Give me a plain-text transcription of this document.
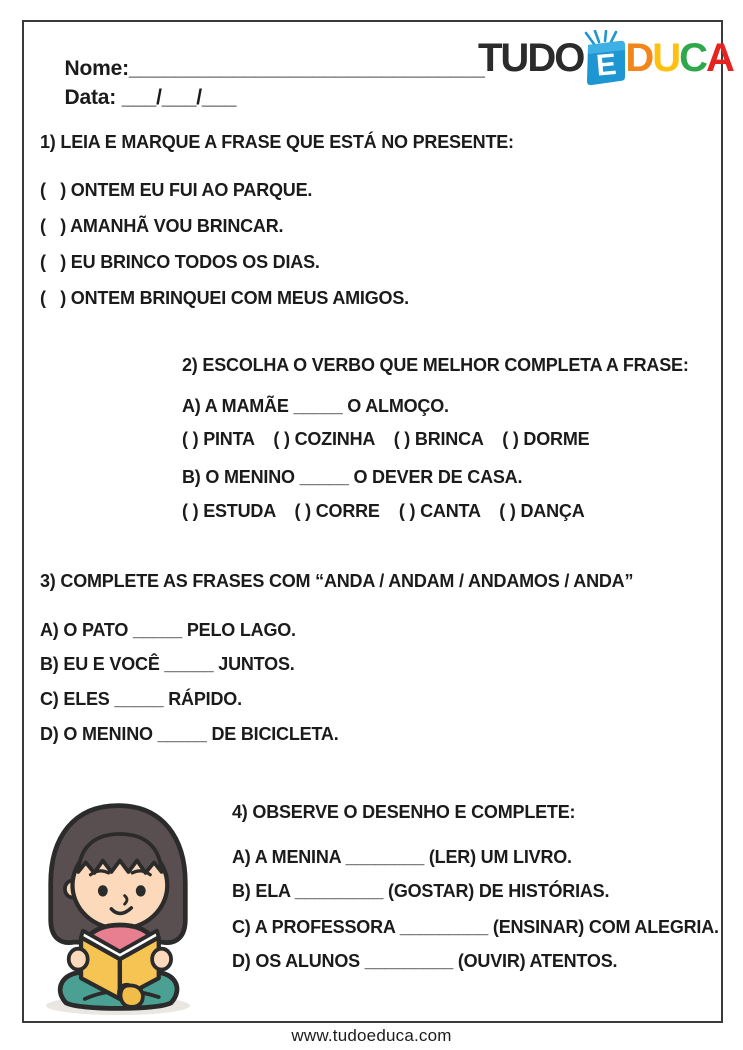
Nome:_______________________________

Data: ___/___/___

TUDO E DUCA
1) LEIA E MARQUE A FRASE QUE ESTÁ NO PRESENTE:
(   ) ONTEM EU FUI AO PARQUE.
(   ) AMANHÃ VOU BRINCAR.
(   ) EU BRINCO TODOS OS DIAS.
(   ) ONTEM BRINQUEI COM MEUS AMIGOS.
2) ESCOLHA O VERBO QUE MELHOR COMPLETA A FRASE:
A) A MAMÃE _____ O ALMOÇO.
( ) PINTA    ( ) COZINHA    ( ) BRINCA    ( ) DORME
B) O MENINO _____ O DEVER DE CASA.
( ) ESTUDA    ( ) CORRE    ( ) CANTA    ( ) DANÇA
3) COMPLETE AS FRASES COM “ANDA / ANDAM / ANDAMOS / ANDA”
A) O PATO _____ PELO LAGO.
B) EU E VOCÊ _____ JUNTOS.
C) ELES _____ RÁPIDO.
D) O MENINO _____ DE BICICLETA.
4) OBSERVE O DESENHO E COMPLETE:
A) A MENINA ________ (LER) UM LIVRO.
B) ELA _________ (GOSTAR) DE HISTÓRIAS.
C) A PROFESSORA _________ (ENSINAR) COM ALEGRIA.
D) OS ALUNOS _________ (OUVIR) ATENTOS.
www.tudoeduca.com
